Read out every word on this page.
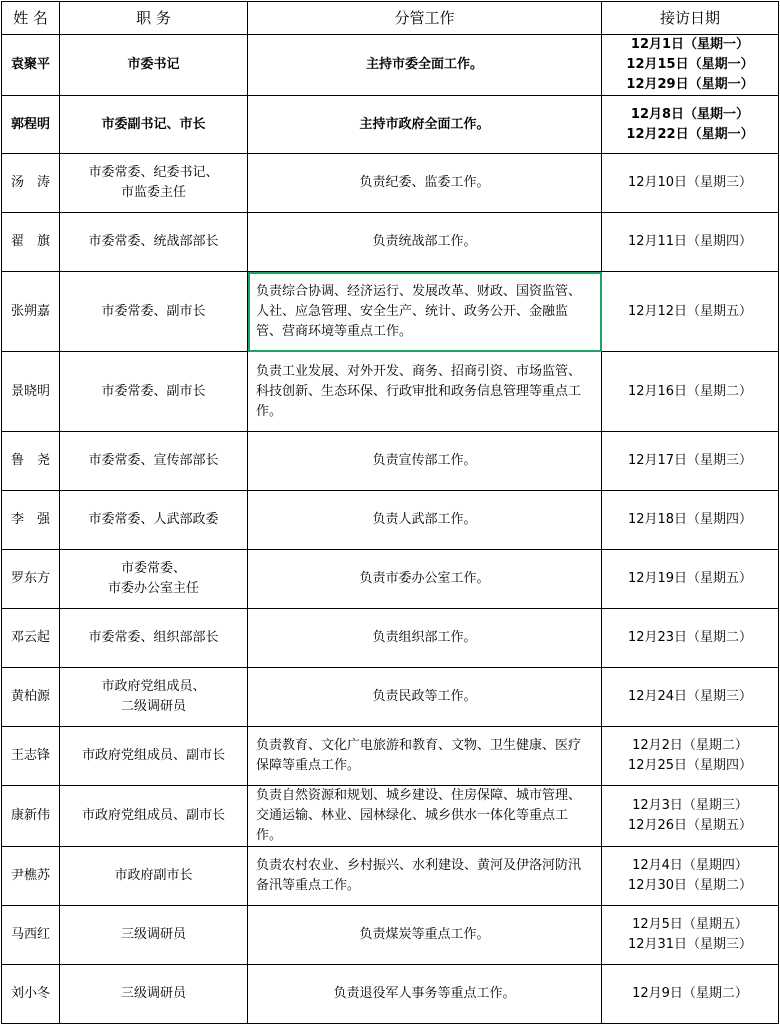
姓 名	职 务	分管工作	接访日期
袁聚平	市委书记	主持市委全面工作。	12月1日（星期一）
12月15日（星期一）
12月29日（星期一）

郭程明	市委副书记、市长	主持市政府全面工作。	12月8日（星期一）
12月22日（星期一）

汤　涛	市委常委、纪委书记、
市监委主任	负责纪委、监委工作。	12月10日（星期三）

翟　旗	市委常委、统战部部长	负责统战部工作。	12月11日（星期四）

张朔嘉	市委常委、副市长	负责综合协调、经济运行、发展改革、财政、国资监管、人社、应急管理、安全生产、统计、政务公开、金融监管、营商环境等重点工作。	12月12日（星期五）

景晓明	市委常委、副市长	负责工业发展、对外开发、商务、招商引资、市场监管、科技创新、生态环保、行政审批和政务信息管理等重点工作。	12月16日（星期二）

鲁　尧	市委常委、宣传部部长	负责宣传部工作。	12月17日（星期三）

李　强	市委常委、人武部政委	负责人武部工作。	12月18日（星期四）

罗东方	市委常委、
市委办公室主任	负责市委办公室工作。	12月19日（星期五）

邓云起	市委常委、组织部部长	负责组织部工作。	12月23日（星期二）

黄柏源	市政府党组成员、
二级调研员	负责民政等工作。	12月24日（星期三）

王志锋	市政府党组成员、副市长	负责教育、文化广电旅游和教育、文物、卫生健康、医疗保障等重点工作。	12月2日（星期二）
12月25日（星期四）

康新伟	市政府党组成员、副市长	负责自然资源和规划、城乡建设、住房保障、城市管理、交通运输、林业、园林绿化、城乡供水一体化等重点工作。	12月3日（星期三）
12月26日（星期五）

尹樵苏	市政府副市长	负责农村农业、乡村振兴、水利建设、黄河及伊洛河防汛备汛等重点工作。	12月4日（星期四）
12月30日（星期二）

马西红	三级调研员	负责煤炭等重点工作。	12月5日（星期五）
12月31日（星期三）

刘小冬	三级调研员	负责退役军人事务等重点工作。	12月9日（星期二）
